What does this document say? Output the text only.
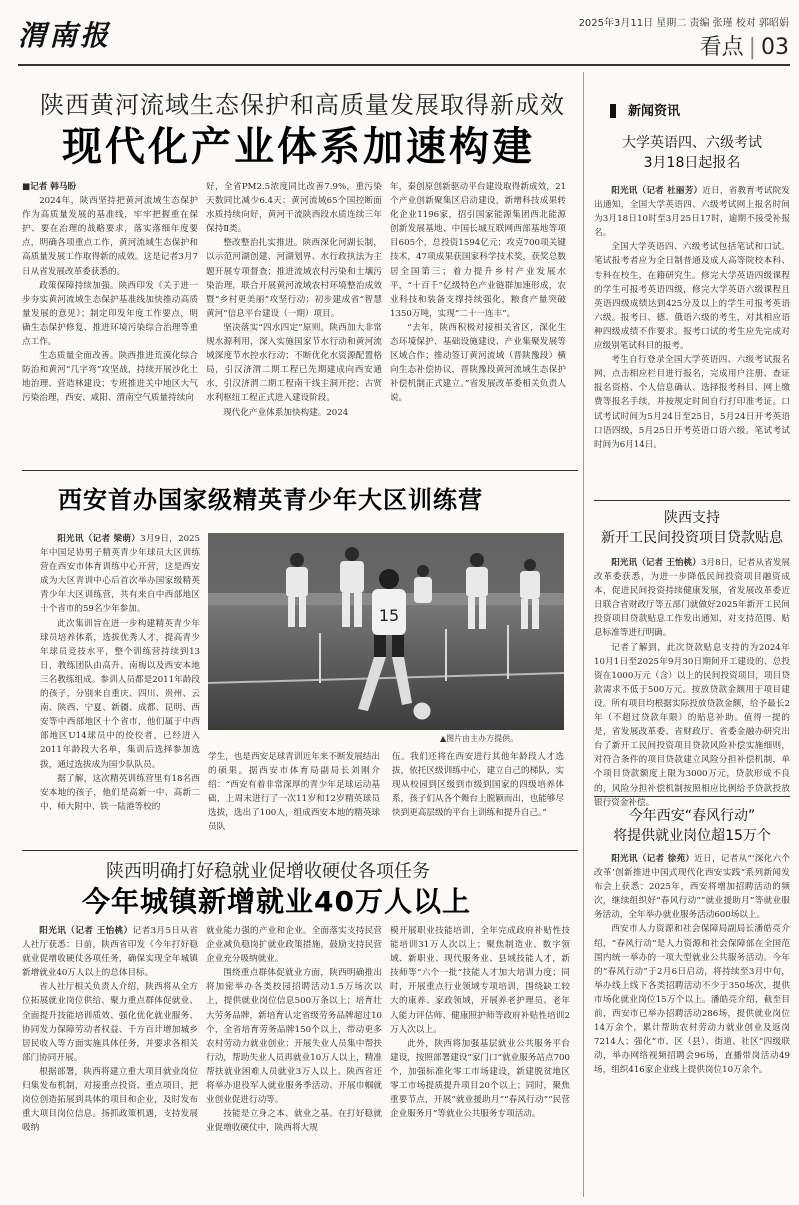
渭南报	2025年3月11日 星期二 责编 张瑾 校对 郭昭娟
看点 | 03
陕西黄河流域生态保护和高质量发展取得新成效
现代化产业体系加速构建
■记者 韩马盼

2024年，陕西坚持把黄河流域生态保护作为高质量发展的基准线，牢牢把握重在保护、要在治理的战略要求，落实落细年度要点，明确各项重点工作，黄河流域生态保护和高质量发展工作取得新的成效。这是记者3月7日从省发展改革委获悉的。

政策保障持续加强。陕西印发《关于进一步夯实黄河流域生态保护基准线加快推动高质量发展的意见》；制定印发年度工作要点，明确生态保护修复、推进环境污染综合治理等重点工作。

生态质量全面改善。陕西推进荒漠化综合防治和黄河“几字弯”攻坚战，持续开展沙化土地治理、营造林建设；专班推进关中地区大气污染治理，西安、咸阳、渭南空气质量持续向

好，全省PM2.5浓度同比改善7.9%，重污染天数同比减少6.4天；黄河流域65个国控断面水质持续向好，黄河干流陕西段水质连续三年保持Ⅱ类。

整改整治扎实推进。陕西深化河湖长制，以示范河湖创建、河湖划界、水行政执法为主题开展专项督查；推进流域农村污染和土壤污染治理，联合开展黄河流域农村环境整治成效暨“乡村更美丽”攻坚行动；初步建成省“智慧黄河”信息平台建设（一期）项目。

坚决落实“四水四定”原则。陕西加大非常规水源利用，深入实施国家节水行动和黄河流域深度节水控水行动；不断优化水资源配置格局，引汉济渭二期工程已先期建成向西安通水，引汉济渭二期工程南干线主洞开挖；古贤水利枢纽工程正式进入建设阶段。

现代化产业体系加快构建。2024

年，秦创原创新驱动平台建设取得新成效，21个产业创新聚集区启动建设，新增科技成果转化企业1196家，招引国家能源集团西北能源创新发展基地、中国长城互联网西部基地等项目605个，总投资1594亿元；攻克700项关键技术，47项成果获国家科学技术奖，获奖总数居全国第三；着力提升乡村产业发展水平，“十百千”亿级特色产业链群加速形成，农业科技和装备支撑持续强化，粮食产量突破1350万吨，实现“二十一连丰”。

“去年，陕西积极对接相关省区，深化生态环境保护、基础设施建设、产业集聚发展等区域合作；推动签订黄河流域（晋陕豫段）横向生态补偿协议，晋陕豫段黄河流域生态保护补偿机制正式建立。”省发展改革委相关负责人说。

新闻资讯
大学英语四、六级考试
3月18日起报名

阳光讯（记者 杜丽芳）近日，省教育考试院发出通知，全国大学英语四、六级考试网上报名时间为3月18日10时至3月25日17时，逾期不接受补报名。

全国大学英语四、六级考试包括笔试和口试。笔试报考者应为全日制普通及成人高等院校本科、专科在校生，在籍研究生。修完大学英语四级课程的学生可报考英语四级，修完大学英语六级课程且英语四级成绩达到425分及以上的学生可报考英语六级。报考日、德、俄语六级的考生，对其相应语种四级成绩不作要求。报考口试的考生应先完成对应级别笔试科目的报考。

考生自行登录全国大学英语四、六级考试报名网，点击相应栏目进行报名，完成用户注册、查证报名资格、个人信息确认、选择报考科目、网上缴费等报名手续，并按规定时间自行打印准考证。口试考试时间为5月24日至25日，5月24日开考英语口语四级，5月25日开考英语口语六级。笔试考试时间为6月14日。

陕西支持
新开工民间投资项目贷款贴息

阳光讯（记者 王怡桃）3月8日，记者从省发展改革委获悉，为进一步降低民间投资项目融资成本，促进民间投资持续健康发展，省发展改革委近日联合省财政厅等五部门就做好2025年新开工民间投资项目贷款贴息工作发出通知，对支持范围、贴息标准等进行明确。

记者了解到，此次贷款贴息支持的为2024年10月1日至2025年9月30日期间开工建设的、总投资在1000万元（含）以上的民间投资项目，项目贷款需求不低于500万元。按放贷款金额用于项目建设。所有项目均根据实际投放贷款金额，给予最长2年（不超过贷款年限）的贴息补助。值得一提的是，省发展改革委、省财政厅、省委金融办研究出台了新开工民间投资项目贷款风险补偿实施细则，对符合条件的项目贷款建立风险分担补偿机制，单个项目贷款额度上限为3000万元，贷款形成不良的，风险分担补偿机制按照相应比例给予贷款投放银行资金补偿。

今年西安“春风行动”
将提供就业岗位超15万个

阳光讯（记者 徐苑）近日，记者从“‘深化六个改革’创新推进中国式现代化西安实践”系列新闻发布会上获悉：2025年，西安将增加招聘活动的频次，继续组织好“春风行动”“就业援助月”等就业服务活动，全年举办就业服务活动600场以上。

西安市人力资源和社会保障局副局长潘皓亮介绍，“春风行动”是人力资源和社会保障部在全国范围内统一举办的一项大型就业公共服务活动。今年的“春风行动”于2月6日启动，将持续至3月中旬，举办线上线下各类招聘活动不少于350场次，提供市场化就业岗位15万个以上。潘皓亮介绍，截至目前，西安市已举办招聘活动286场，提供就业岗位14万余个，累计帮助农村劳动力就业创业及返岗7214人；强化“市、区（县）、街道、社区”四级联动，举办网络视频招聘会96场，直播带岗活动49场，组织416家企业线上提供岗位10万余个。

西安首办国家级精英青少年大区训练营

阳光讯（记者 梁萌）3月9日，2025年中国足协男子精英青少年球员大区训练营在西安市体育训练中心开营，这是西安成为大区青训中心后首次举办国家级精英青少年大区训练营，共有来自中西部地区十个省市的59名少年参加。

此次集训旨在进一步构建精英青少年球员培养体系，选拔优秀人才，提高青少年球员竞技水平，整个训练营持续到13日，教练团队由高升、南梅以及西安本地三名教练组成。参训人员都是2011年龄段的孩子，分别来自重庆、四川、贵州、云南、陕西、宁夏、新疆、成都、昆明、西安等中西部地区十个省市，他们属于中西部地区U14球员中的佼佼者，已经进入2011年龄段大名单，集训后选择参加选拔，通过选拔成为国少队队员。

据了解，这次精英训练营里有18名西安本地的孩子，他们是高新一中、高新二中、师大附中、铁一陆港等校的

15
▲图片由主办方提供。

学生，也是西安足球青训近年来不断发展结出的硕果。据西安市体育局副局长刘刚介绍：“西安有着非常深厚的青少年足球运动基础，上周末进行了一次11岁和12岁精英球员选拔，选出了100人，组成西安本地的精英球员队

伍。我们还将在西安进行其他年龄段人才选拔，依托区级训练中心，建立自己的梯队，实现从校园到区级到市级到国家的四级培养体系，孩子们从各个舞台上脱颖而出，也能够尽快到更高层级的平台上训练和提升自己。”

陕西明确打好稳就业促增收硬仗各项任务
今年城镇新增就业40万人以上

阳光讯（记者 王怡桃）记者3月5日从省人社厅获悉：日前，陕西省印发《今年打好稳就业促增收硬仗各项任务，确保实现全年城镇新增就业40万人以上的总体目标。

省人社厅相关负责人介绍，陕西将从全方位拓展就业岗位供给、聚力重点群体促就业、全面提升技能培训质效、强化优化就业服务、协同发力保障劳动者权益、千方百计增加城乡居民收入等方面实施具体任务，并要求各相关部门协同开展。

根据部署，陕西将建立重大项目就业岗位归集发布机制，对接重点投资、重点项目，把岗位创造拓展到具体的项目和企业，及时发布重大项目岗位信息。扬抓政策机遇，支持发展吸纳

就业能力强的产业和企业。全面落实支持民营企业减负稳岗扩就业政策措施，鼓励支持民营企业充分吸纳就业。

围绕重点群体促就业方面，陕西明确推出将加密举办各类校园招聘活动1.5万场次以上，提供就业岗位信息500万条以上；培育壮大劳务品牌，新培育认定省级劳务品牌超过10个，全省培育劳务品牌150个以上，带动更多农村劳动力就业创业；开展失业人员集中帮扶行动，帮助失业人员再就业10万人以上，精准帮扶就业困难人员就业3万人以上。陕西省还将举办退役军人就业服务季活动、开展巾帼就业创业促进行动等。

技能是立身之本、就业之基。在打好稳就业促增收硬仗中，陕西将大规

模开展职业技能培训，全年完成政府补贴性技能培训31万人次以上；聚焦制造业、数字领域、新职业、现代服务业、县域技能人才，新技师等“六个一批”技能人才加大培训力度；同时，开展重点行业领域专项培训，围绕缺工较大的康养、家政领域，开展养老护理员、老年人能力评估师、健康照护师等政府补贴性培训2万人次以上。

此外，陕西将加强基层就业公共服务平台建设，按照部署建设“家门口”就业服务站点700个，加强标准化零工市场建设，新建脱贫地区零工市场提质提升项目20个以上；同时，聚焦重要节点，开展“就业援助月”“春风行动”“民营企业服务月”等就业公共服务专项活动。
